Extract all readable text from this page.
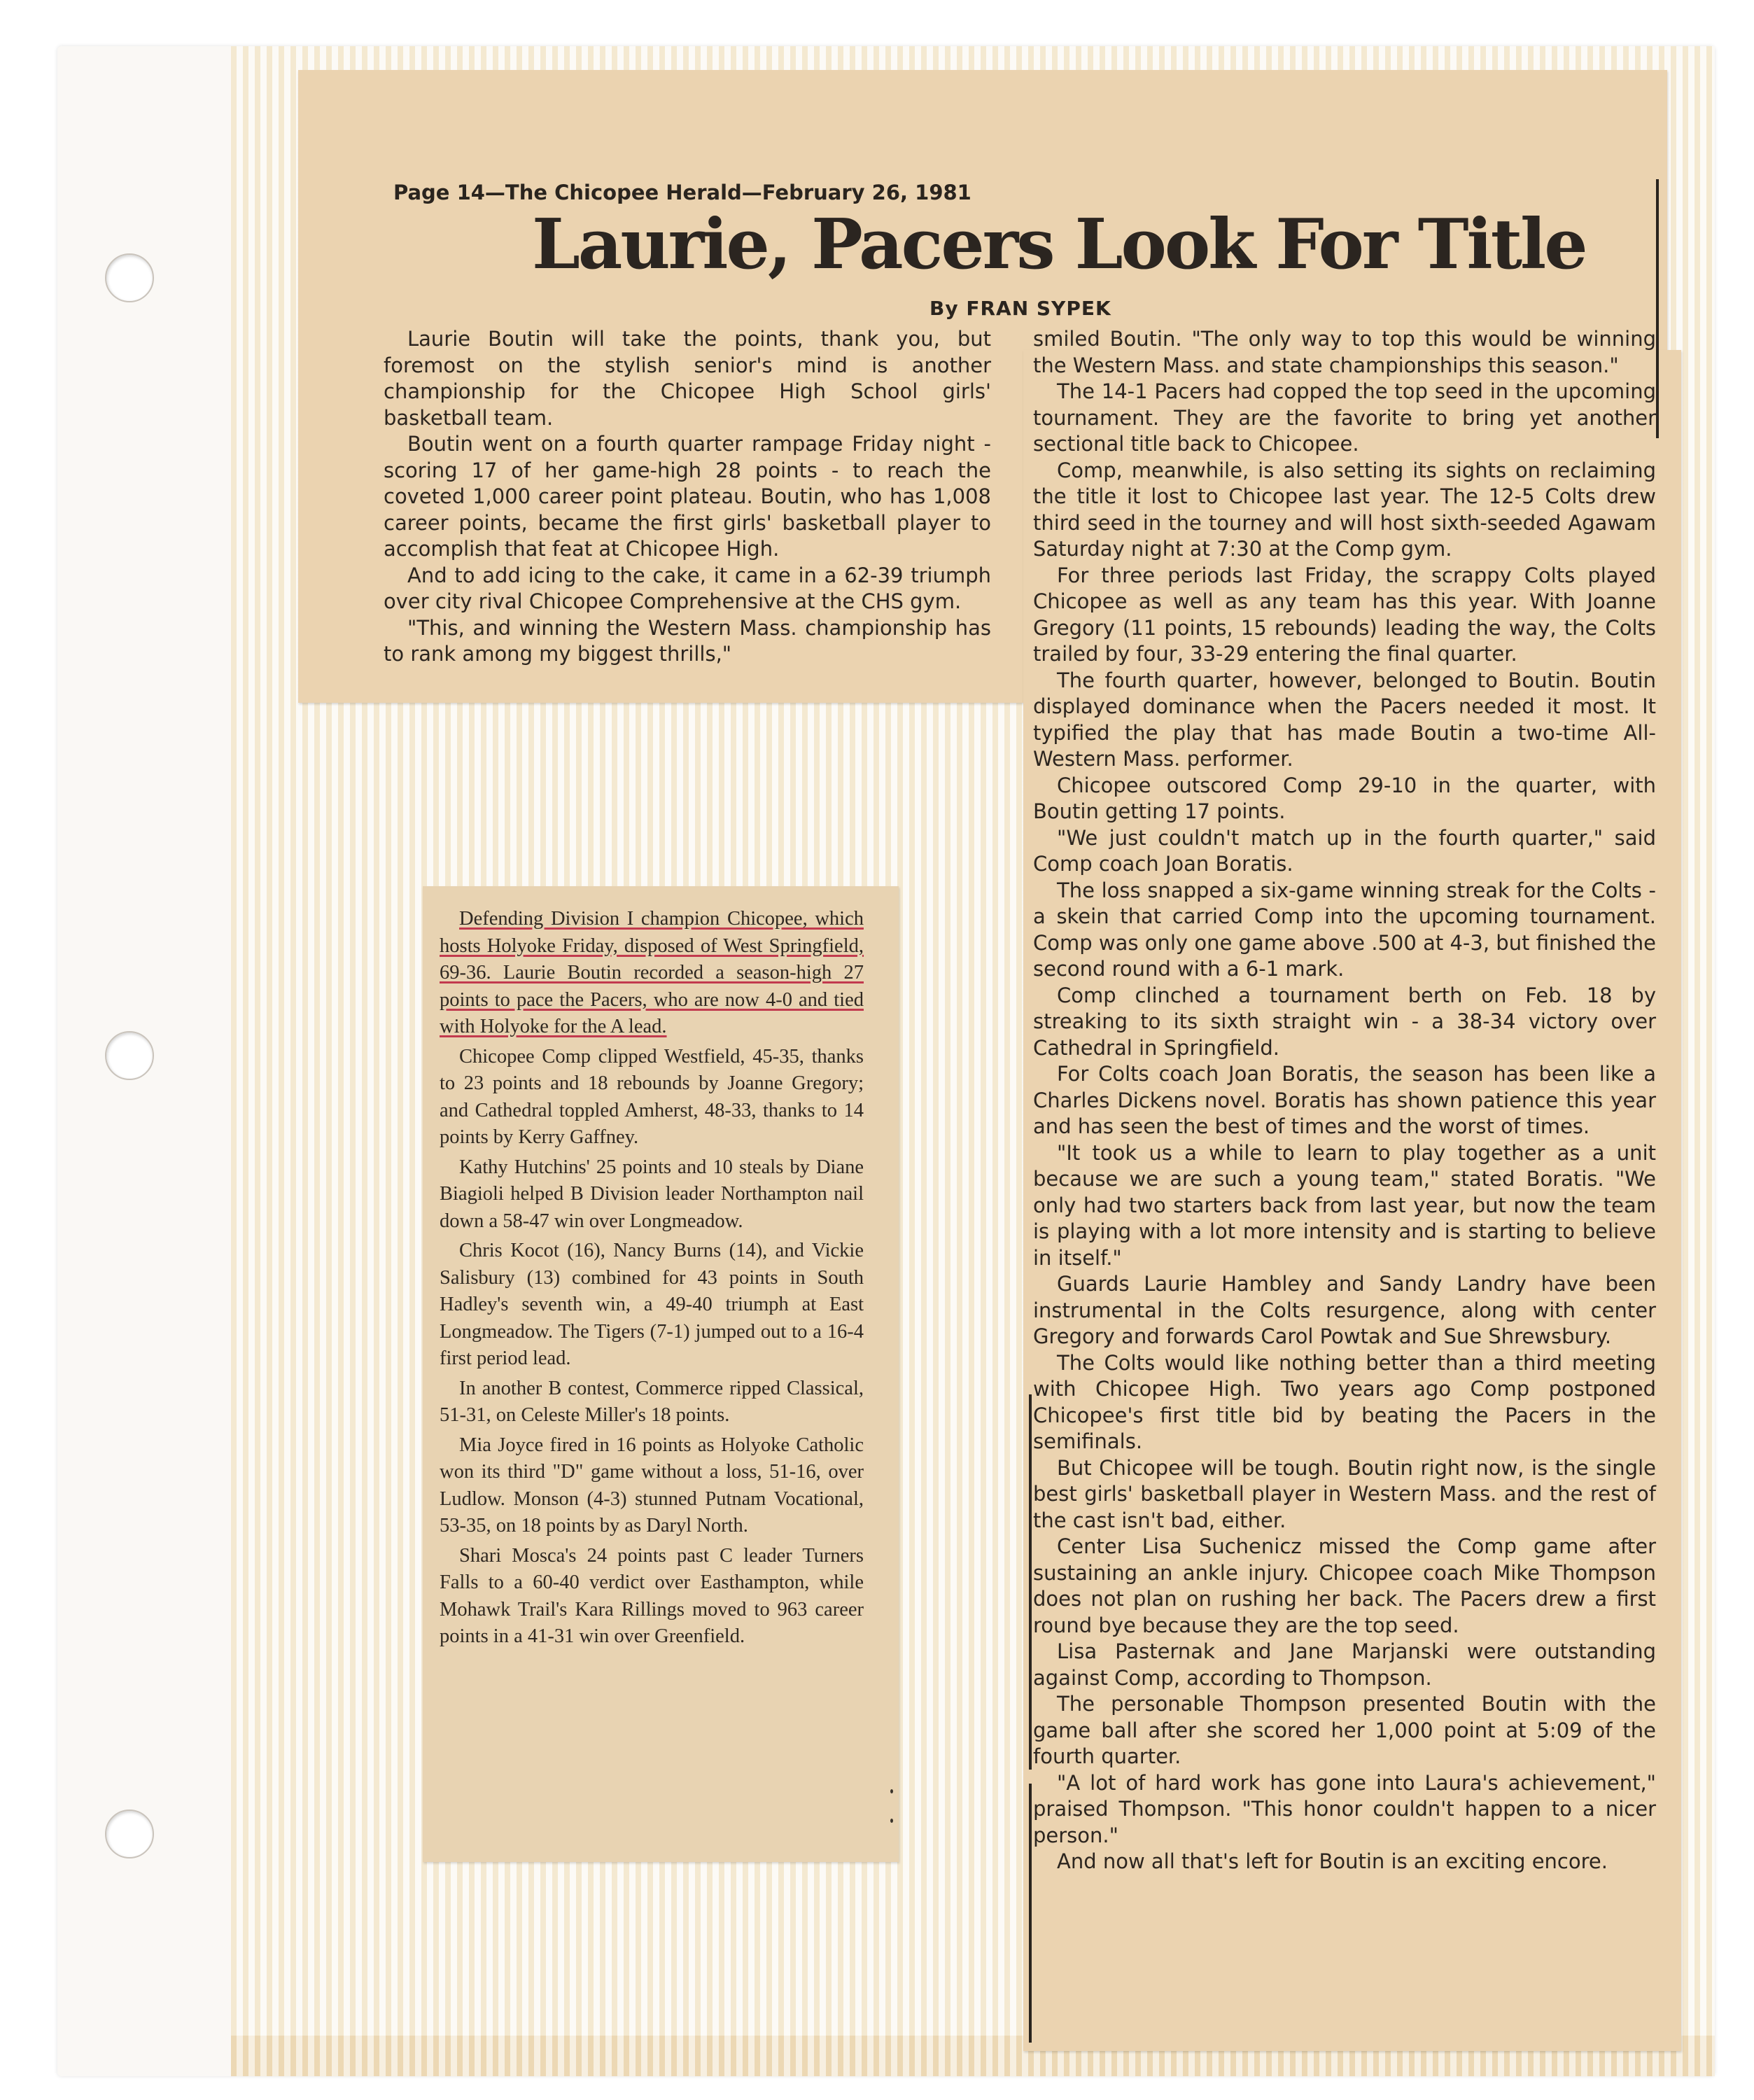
Page 14—The Chicopee Herald—February 26, 1981
Laurie, Pacers Look For Title
By FRAN SYPEK

Laurie Boutin will take the points, thank you, but foremost on the stylish senior's mind is another championship for the Chicopee High School girls' basketball team.

Boutin went on a fourth quarter rampage Friday night - scoring 17 of her game-high 28 points - to reach the coveted 1,000 career point plateau. Boutin, who has 1,008 career points, became the first girls' basketball player to accomplish that feat at Chicopee High.

And to add icing to the cake, it came in a 62-39 triumph over city rival Chicopee Comprehensive at the CHS gym.

"This, and winning the Western Mass. championship has to rank among my biggest thrills,"

smiled Boutin. "The only way to top this would be winning the Western Mass. and state championships this season."

The 14-1 Pacers had copped the top seed in the upcoming tournament. They are the favorite to bring yet another sectional title back to Chicopee.

Comp, meanwhile, is also setting its sights on reclaiming the title it lost to Chicopee last year. The 12-5 Colts drew third seed in the tourney and will host sixth-seeded Agawam Saturday night at 7:30 at the Comp gym.

For three periods last Friday, the scrappy Colts played Chicopee as well as any team has this year. With Joanne Gregory (11 points, 15 rebounds) leading the way, the Colts trailed by four, 33-29 entering the final quarter.

The fourth quarter, however, belonged to Boutin. Boutin displayed dominance when the Pacers needed it most. It typified the play that has made Boutin a two-time All-Western Mass. performer.

Chicopee outscored Comp 29-10 in the quarter, with Boutin getting 17 points.

"We just couldn't match up in the fourth quarter," said Comp coach Joan Boratis.

The loss snapped a six-game winning streak for the Colts - a skein that carried Comp into the upcoming tournament. Comp was only one game above .500 at 4-3, but finished the second round with a 6-1 mark.

Comp clinched a tournament berth on Feb. 18 by streaking to its sixth straight win - a 38-34 victory over Cathedral in Springfield.

For Colts coach Joan Boratis, the season has been like a Charles Dickens novel. Boratis has shown patience this year and has seen the best of times and the worst of times.

"It took us a while to learn to play together as a unit because we are such a young team," stated Boratis. "We only had two starters back from last year, but now the team is playing with a lot more intensity and is starting to believe in itself."

Guards Laurie Hambley and Sandy Landry have been instrumental in the Colts resurgence, along with center Gregory and forwards Carol Powtak and Sue Shrewsbury.

The Colts would like nothing better than a third meeting with Chicopee High. Two years ago Comp postponed Chicopee's first title bid by beating the Pacers in the semifinals.

But Chicopee will be tough. Boutin right now, is the single best girls' basketball player in Western Mass. and the rest of the cast isn't bad, either.

Center Lisa Suchenicz missed the Comp game after sustaining an ankle injury. Chicopee coach Mike Thompson does not plan on rushing her back. The Pacers drew a first round bye because they are the top seed.

Lisa Pasternak and Jane Marjanski were outstanding against Comp, according to Thompson.

The personable Thompson presented Boutin with the game ball after she scored her 1,000 point at 5:09 of the fourth quarter.

"A lot of hard work has gone into Laura's achievement," praised Thompson. "This honor couldn't happen to a nicer person."

And now all that's left for Boutin is an exciting encore.

Defending Division I champion Chicopee, which hosts Holyoke Friday, disposed of West Springfield, 69-36. Laurie Boutin recorded a season-high 27 points to pace the Pacers, who are now 4-0 and tied with Holyoke for the A lead.

Chicopee Comp clipped Westfield, 45-35, thanks to 23 points and 18 rebounds by Joanne Gregory; and Cathedral toppled Amherst, 48-33, thanks to 14 points by Kerry Gaffney.

Kathy Hutchins' 25 points and 10 steals by Diane Biagioli helped B Division leader Northampton nail down a 58-47 win over Longmeadow.

Chris Kocot (16), Nancy Burns (14), and Vickie Salisbury (13) combined for 43 points in South Hadley's seventh win, a 49-40 triumph at East Longmeadow. The Tigers (7-1) jumped out to a 16-4 first period lead.

In another B contest, Commerce ripped Classical, 51-31, on Celeste Miller's 18 points.

Mia Joyce fired in 16 points as Holyoke Catholic won its third "D" game without a loss, 51-16, over Ludlow. Monson (4-3) stunned Putnam Vocational, 53-35, on 18 points by as Daryl North.

Shari Mosca's 24 points past C leader Turners Falls to a 60-40 verdict over Easthampton, while Mohawk Trail's Kara Rillings moved to 963 career points in a 41-31 win over Greenfield.
